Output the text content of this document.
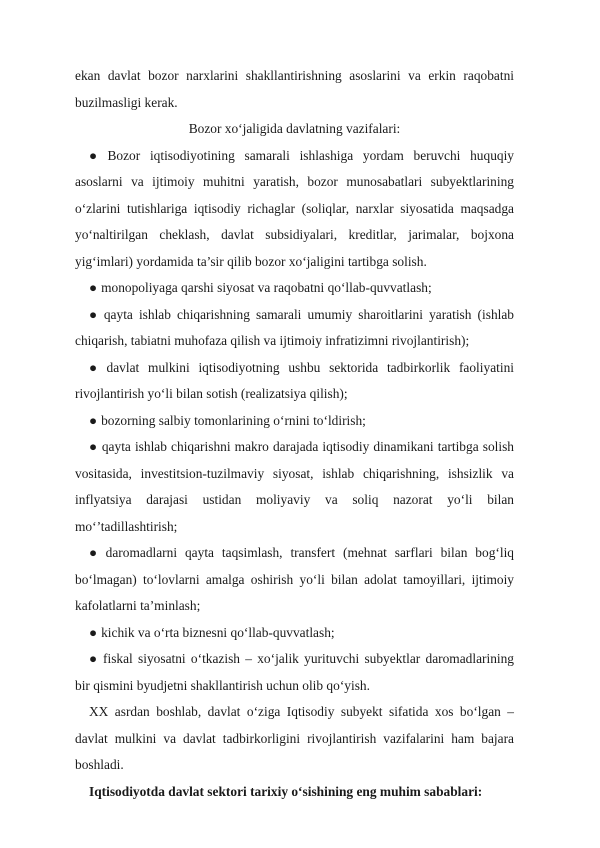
ekan davlat bozor narxlarini shakllantirishning asoslarini va erkin raqobatni buzilmasligi kerak.

Bozor xo‘jaligida davlatning vazifalari:

● Bozor iqtisodiyotining samarali ishlashiga yordam beruvchi huquqiy asoslarni va ijtimoiy muhitni yaratish, bozor munosabatlari subyektlarining o‘zlarini tutishlariga iqtisodiy richaglar (soliqlar, narxlar siyosatida maqsadga yo‘naltirilgan cheklash, davlat subsidiyalari, kreditlar, jarimalar, bojxona yig‘imlari) yordamida ta’sir qilib bozor xo‘jaligini tartibga solish.

● monopoliyaga qarshi siyosat va raqobatni qo‘llab-quvvatlash;

● qayta ishlab chiqarishning samarali umumiy sharoitlarini yaratish (ishlab chiqarish, tabiatni muhofaza qilish va ijtimoiy infratizimni rivojlantirish);

● davlat mulkini iqtisodiyotning ushbu sektorida tadbirkorlik faoliyatini rivojlantirish yo‘li bilan sotish (realizatsiya qilish);

● bozorning salbiy tomonlarining o‘rnini to‘ldirish;

● qayta ishlab chiqarishni makro darajada iqtisodiy dinamikani tartibga solish vositasida, investitsion-tuzilmaviy siyosat, ishlab chiqarishning, ishsizlik va inflyatsiya darajasi ustidan moliyaviy va soliq nazorat yo‘li bilan mo‘’tadillashtirish;

● daromadlarni qayta taqsimlash, transfert (mehnat sarflari bilan bog‘liq bo‘lmagan) to‘lovlarni amalga oshirish yo‘li bilan adolat tamoyillari, ijtimoiy kafolatlarni ta’minlash;

● kichik va o‘rta biznesni qo‘llab-quvvatlash;

● fiskal siyosatni o‘tkazish – xo‘jalik yurituvchi subyektlar daromadlarining bir qismini byudjetni shakllantirish uchun olib qo‘yish.

XX asrdan boshlab, davlat o‘ziga Iqtisodiy subyekt sifatida xos bo‘lgan – davlat mulkini va davlat tadbirkorligini rivojlantirish vazifalarini ham bajara boshladi.

Iqtisodiyotda davlat sektori tarixiy o‘sishining eng muhim sabablari:
